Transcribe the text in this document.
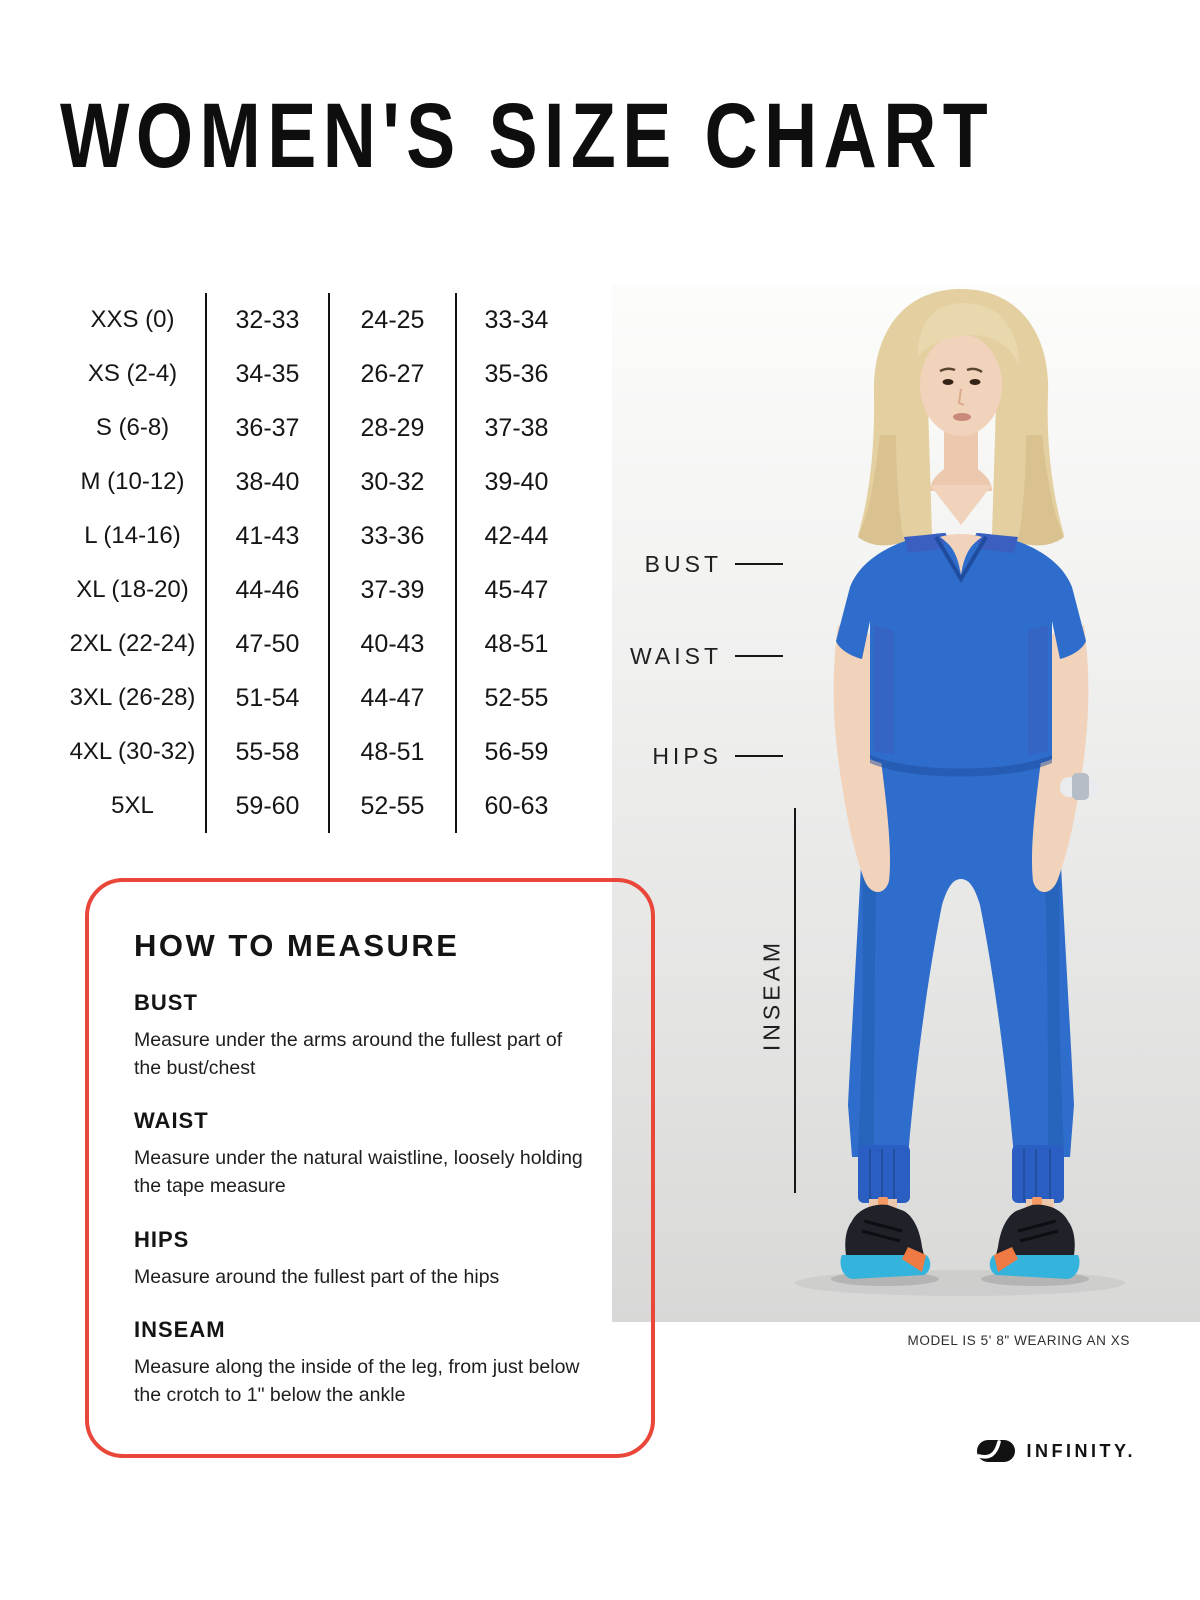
WOMEN'S SIZE CHART
SIZE (US)	BUST	WAIST	HIPS
XXS (0)	32-33	24-25	33-34
XS (2-4)	34-35	26-27	35-36
S (6-8)	36-37	28-29	37-38
M (10-12)	38-40	30-32	39-40
L (14-16)	41-43	33-36	42-44
XL (18-20)	44-46	37-39	45-47
2XL (22-24)	47-50	40-43	48-51
3XL (26-28)	51-54	44-47	52-55
4XL (30-32)	55-58	48-51	56-59
5XL	59-60	52-55	60-63
BUST
WAIST
HIPS
INSEAM
MODEL IS 5' 8" WEARING AN XS
HOW TO MEASURE
BUST
Measure under the arms around the fullest part of the bust/chest
WAIST
Measure under the natural waistline, loosely holding the tape measure
HIPS
Measure around the fullest part of the hips
INSEAM
Measure along the inside of the leg, from just below the crotch to 1" below the ankle
INFINITY.
